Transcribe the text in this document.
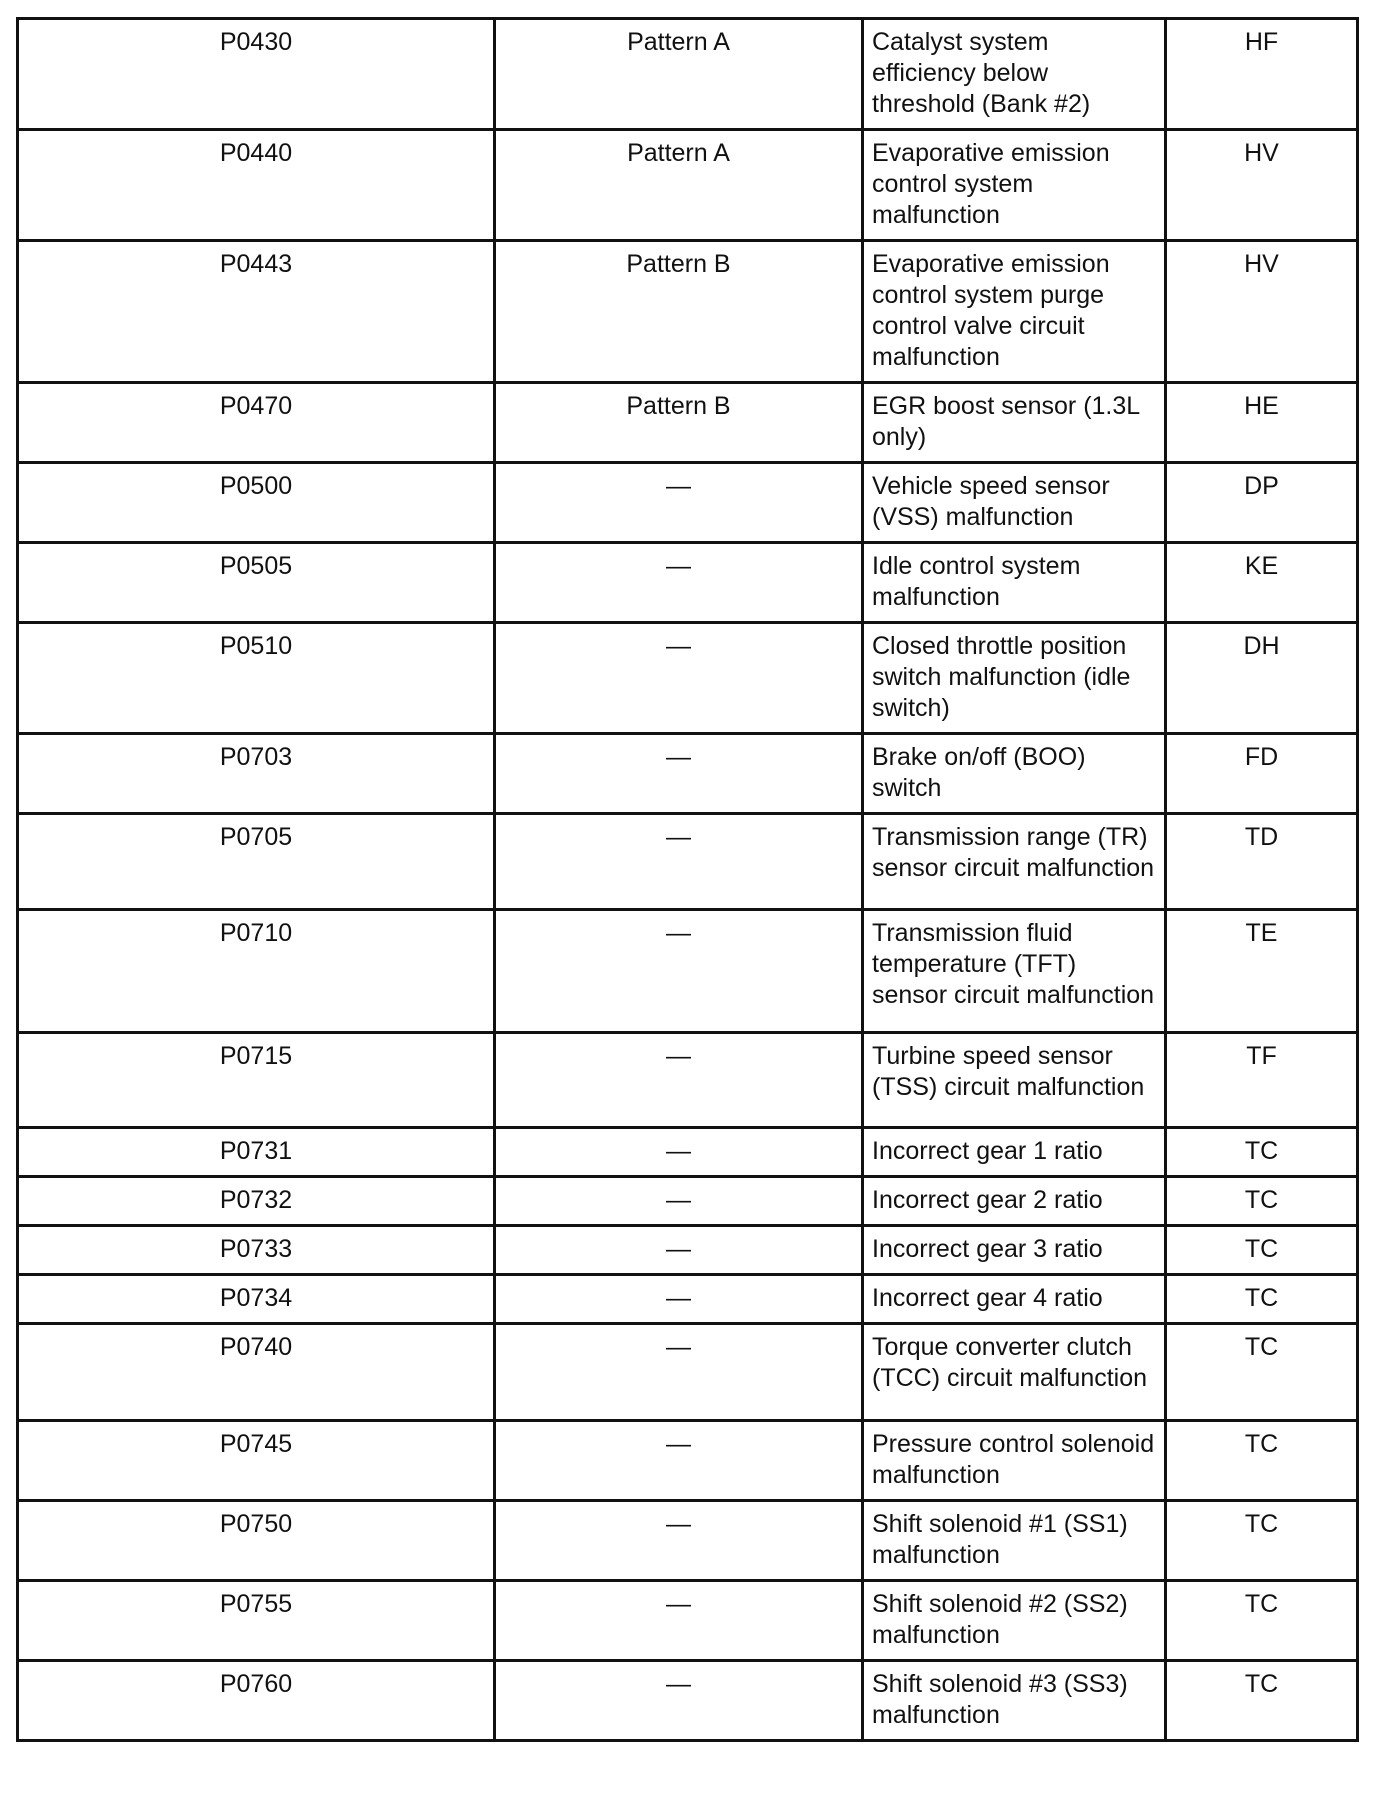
P0430	Pattern A	Catalyst system efficiency below threshold (Bank #2)	HF
P0440	Pattern A	Evaporative emission control system malfunction	HV
P0443	Pattern B	Evaporative emission control system purge control valve circuit malfunction	HV
P0470	Pattern B	EGR boost sensor (1.3L only)	HE
P0500	—	Vehicle speed sensor (VSS) malfunction	DP
P0505	—	Idle control system malfunction	KE
P0510	—	Closed throttle position switch malfunction (idle switch)	DH
P0703	—	Brake on/off (BOO) switch	FD
P0705	—	Transmission range (TR) sensor circuit malfunction	TD
P0710	—	Transmission fluid temperature (TFT) sensor circuit malfunction	TE
P0715	—	Turbine speed sensor (TSS) circuit malfunction	TF
P0731	—	Incorrect gear 1 ratio	TC
P0732	—	Incorrect gear 2 ratio	TC
P0733	—	Incorrect gear 3 ratio	TC
P0734	—	Incorrect gear 4 ratio	TC
P0740	—	Torque converter clutch (TCC) circuit malfunction	TC
P0745	—	Pressure control solenoid malfunction	TC
P0750	—	Shift solenoid #1 (SS1) malfunction	TC
P0755	—	Shift solenoid #2 (SS2) malfunction	TC
P0760	—	Shift solenoid #3 (SS3) malfunction	TC
